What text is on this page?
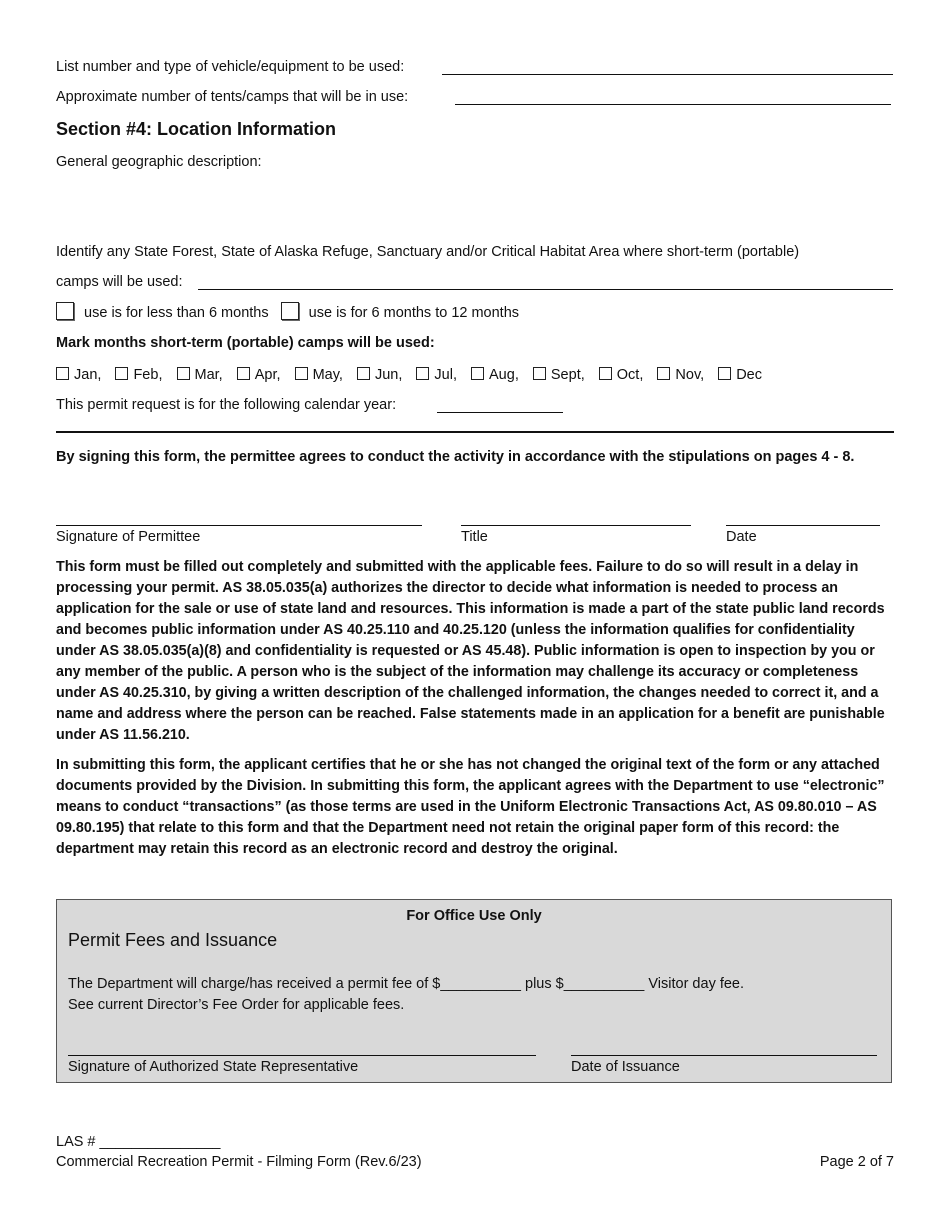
List number and type of vehicle/equipment to be used:
Approximate number of tents/camps that will be in use:
Section #4: Location Information
General geographic description:
Identify any State Forest, State of Alaska Refuge, Sanctuary and/or Critical Habitat Area where short-term (portable)
camps will be used:
use is for less than 6 months	use is for 6 months to 12 months
Mark months short-term (portable) camps will be used:
Jan, Feb, Mar, Apr, May, Jun, Jul, Aug, Sept, Oct, Nov, Dec
This permit request is for the following calendar year:
By signing this form, the permittee agrees to conduct the activity in accordance with the stipulations on pages 4 - 8.
Signature of Permittee	Title	Date
This form must be filled out completely and submitted with the applicable fees. Failure to do so will result in a delay in processing your permit. AS 38.05.035(a) authorizes the director to decide what information is needed to process an application for the sale or use of state land and resources. This information is made a part of the state public land records and becomes public information under AS 40.25.110 and 40.25.120 (unless the information qualifies for confidentiality under AS 38.05.035(a)(8) and confidentiality is requested or AS 45.48). Public information is open to inspection by you or any member of the public. A person who is the subject of the information may challenge its accuracy or completeness under AS 40.25.310, by giving a written description of the challenged information, the changes needed to correct it, and a name and address where the person can be reached. False statements made in an application for a benefit are punishable under AS 11.56.210.
In submitting this form, the applicant certifies that he or she has not changed the original text of the form or any attached documents provided by the Division. In submitting this form, the applicant agrees with the Department to use “electronic” means to conduct “transactions” (as those terms are used in the Uniform Electronic Transactions Act, AS 09.80.010 – AS 09.80.195) that relate to this form and that the Department need not retain the original paper form of this record: the department may retain this record as an electronic record and destroy the original.
For Office Use Only
Permit Fees and Issuance
The Department will charge/has received a permit fee of $__________ plus $__________ Visitor day fee.
See current Director’s Fee Order for applicable fees.
Signature of Authorized State Representative	Date of Issuance
LAS # _______________
Commercial Recreation Permit - Filming Form (Rev.6/23)	Page 2 of 7
